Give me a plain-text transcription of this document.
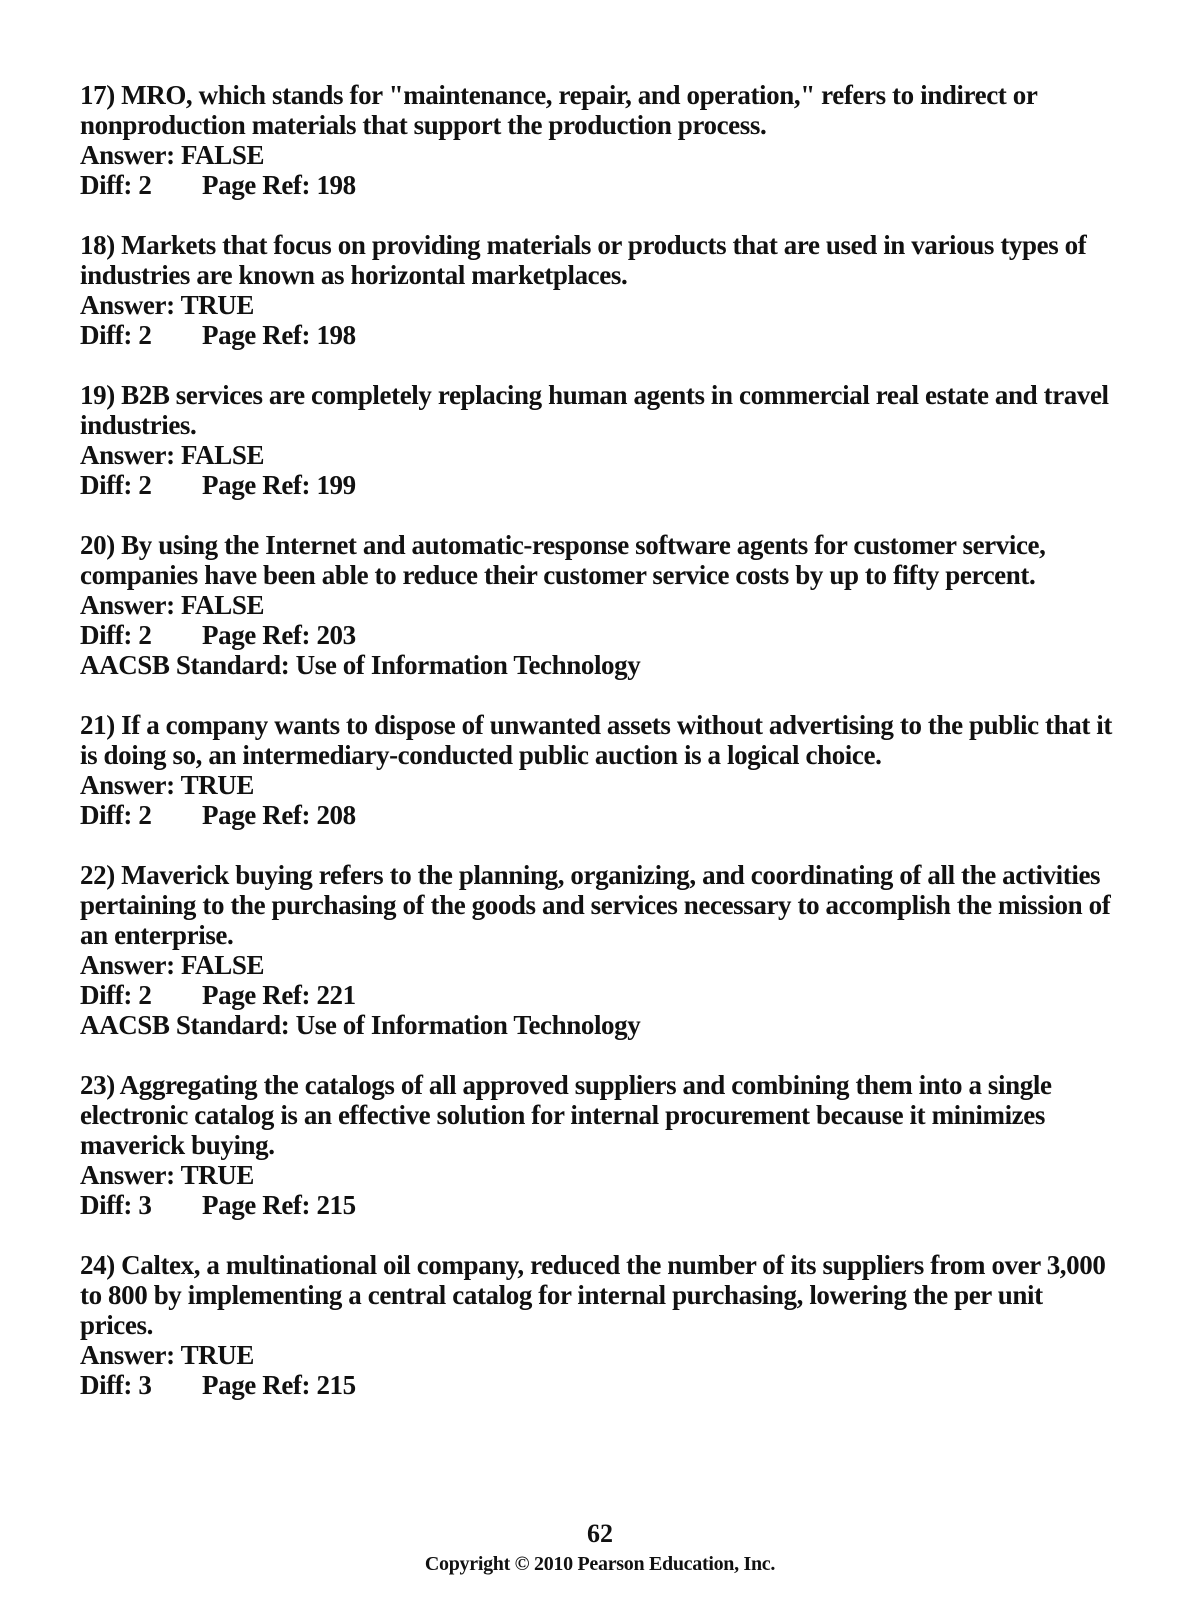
17) MRO, which stands for "maintenance, repair, and operation," refers to indirect or nonproduction materials that support the production process.

Answer: FALSE
Diff: 2 Page Ref: 198

18) Markets that focus on providing materials or products that are used in various types of industries are known as horizontal marketplaces.

Answer: TRUE
Diff: 2 Page Ref: 198

19) B2B services are completely replacing human agents in commercial real estate and travel industries.

Answer: FALSE
Diff: 2 Page Ref: 199

20) By using the Internet and automatic-response software agents for customer service, companies have been able to reduce their customer service costs by up to fifty percent.

Answer: FALSE
Diff: 2 Page Ref: 203
AACSB Standard: Use of Information Technology

21) If a company wants to dispose of unwanted assets without advertising to the public that it is doing so, an intermediary-conducted public auction is a logical choice.

Answer: TRUE
Diff: 2 Page Ref: 208

22) Maverick buying refers to the planning, organizing, and coordinating of all the activities pertaining to the purchasing of the goods and services necessary to accomplish the mission of an enterprise.

Answer: FALSE
Diff: 2 Page Ref: 221
AACSB Standard: Use of Information Technology

23) Aggregating the catalogs of all approved suppliers and combining them into a single electronic catalog is an effective solution for internal procurement because it minimizes maverick buying.

Answer: TRUE
Diff: 3 Page Ref: 215

24) Caltex, a multinational oil company, reduced the number of its suppliers from over 3,000 to 800 by implementing a central catalog for internal purchasing, lowering the per unit prices.

Answer: TRUE
Diff: 3 Page Ref: 215
62
Copyright © 2010 Pearson Education, Inc.
